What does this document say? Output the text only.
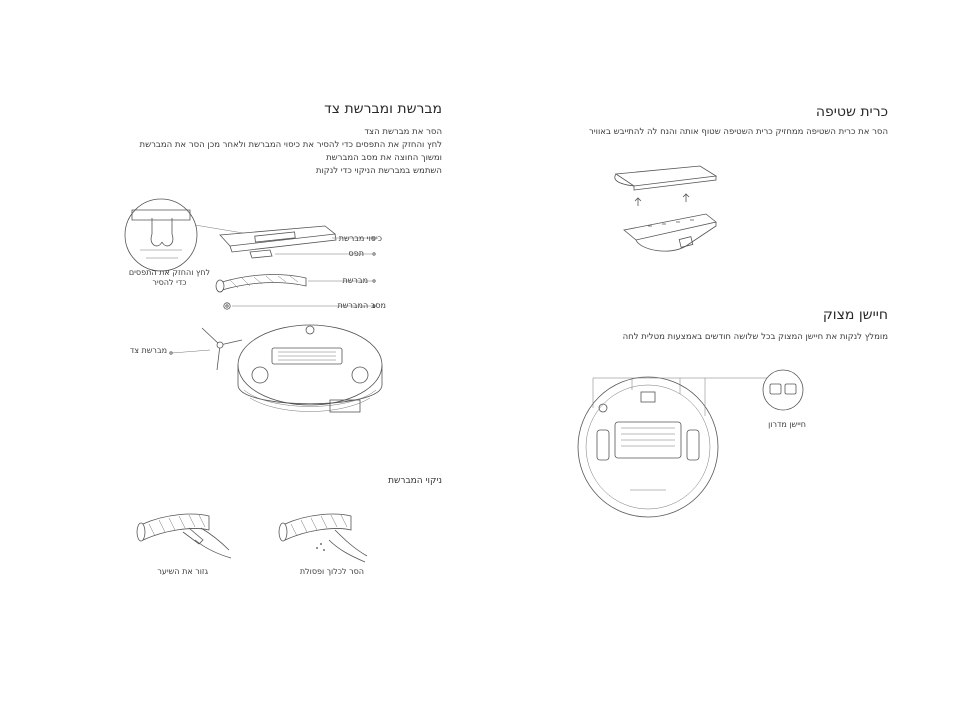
מברשת ומברשת צד
הסר את מברשת הצד
לחץ והחזק את התפסים כדי להסיר את כיסוי המברשת ולאחר מכן הסר את המברשת
ומשוך החוצה את מסב המברשת
השתמש במברשת הניקוי כדי לנקות
לחץ והחזק את התפסים
כדי להסיר
כיסוי מברשת
תפס
מברשת
מסב המברשת
מברשת צד
ניקוי המברשת
גזור את השיער	הסר לכלוך ופסולת
כרית שטיפה
הסר את כרית השטיפה ממחזיק כרית השטיפה שטוף אותה והנח לה להתייבש באוויר
חיישן מצוק
מומלץ לנקות את חיישן המצוק בכל שלושה חודשים באמצעות מטלית לחה
חיישן מדרון
